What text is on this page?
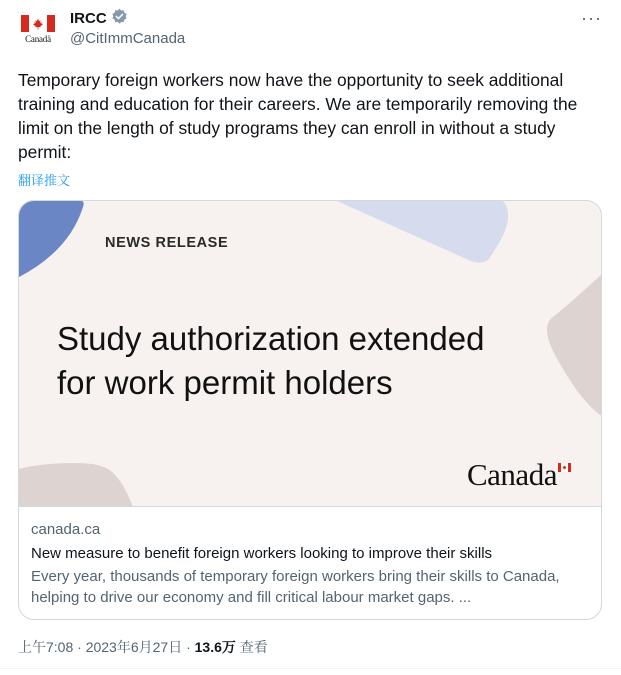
Canadä
IRCC
@CitImmCanada
···
Temporary foreign workers now have the opportunity to seek additional training and education for their careers. We are temporarily removing the limit on the length of study programs they can enroll in without a study permit:
翻译推文
NEWS RELEASE
Study authorization extended
for work permit holders
Canada
canada.ca
New measure to benefit foreign workers looking to improve their skills
Every year, thousands of temporary foreign workers bring their skills to Canada, helping to drive our economy and fill critical labour market gaps. ...
上午7:08 · 2023年6月27日 · 13.6万 查看
